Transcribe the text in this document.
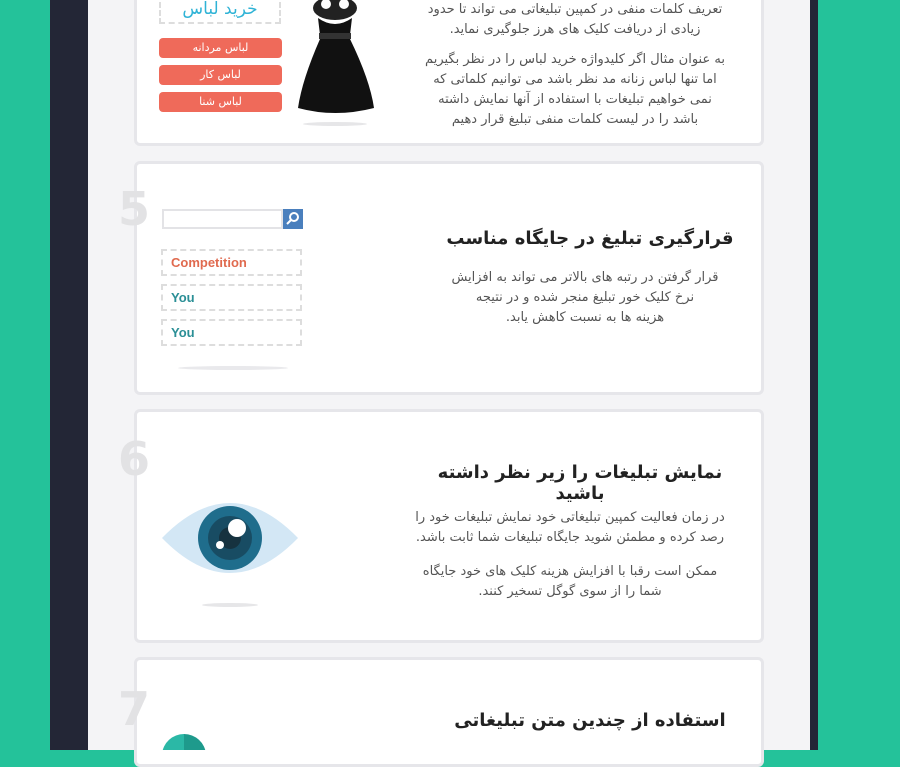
خرید لباس
لباس مردانه
لباس کار
لباس شنا
تعریف کلمات منفی در کمپین تبلیغاتی می تواند تا حدود زیادی از دریافت کلیک های هرز جلوگیری نماید.
به عنوان مثال اگر کلیدواژه خرید لباس را در نظر بگیریم
اما تنها لباس زنانه مد نظر باشد می توانیم کلماتی که
نمی خواهیم تبلیغات با استفاده از آنها نمایش داشته
باشد را در لیست کلمات منفی تبلیغ قرار دهیم
5
Competition
You
You
قرارگیری تبلیغ در جایگاه مناسب
قرار گرفتن در رتبه های بالاتر می تواند به افزایش
نرخ کلیک خور تبلیغ منجر شده و در نتیجه
هزینه ها به نسبت کاهش یابد.
6	نمایش تبلیغات را زیر نظر داشته باشید
در زمان فعالیت کمپین تبلیغاتی خود نمایش تبلیغات خود را
رصد کرده و مطمئن شوید جایگاه تبلیغات شما ثابت باشد.
ممکن است رقبا با افزایش هزینه کلیک های خود جایگاه
شما را از سوی گوگل تسخیر کنند.
7	استفاده از چندین متن تبلیغاتی
